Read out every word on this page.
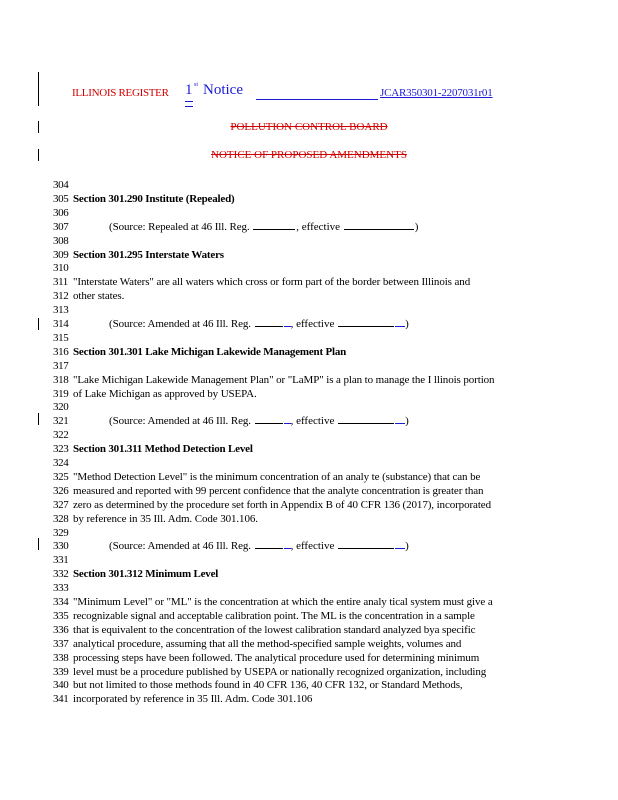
ILLINOIS REGISTER 1 st Notice	JCAR350301-2207031r01
POLLUTION CONTROL BOARD
NOTICE OF PROPOSED AMENDMENTS
304
305 Section 301.290 Institute (Repealed)
306
307	(Source: Repealed at 46 Ill. Reg.	, effective	)
308
309 Section 301.295 Interstate Waters
310
311 "Interstate Waters" are all waters which cross or form part of the border between Illinois and
312 other states.
313
314	(Source: Amended at 46 Ill. Reg.	, effective	)
315
316 Section 301.301 Lake Michigan Lakewide Management Plan
317
318 "Lake Michigan Lakewide Management Plan" or "LaMP" is a plan to manage the I llinois portion
319 of Lake Michigan as approved by USEPA.
320
321	(Source: Amended at 46 Ill. Reg.	, effective	)
322
323 Section 301.311 Method Detection Level
324
325 "Method Detection Level" is the minimum concentration of an analy te (substance) that can be
326 measured and reported with 99 percent confidence that the analyte concentration is greater than
327 zero as determined by the procedure set forth in Appendix B of 40 CFR 136 (2017), incorporated
328 by reference in 35 Ill. Adm. Code 301.106.
329
330	(Source: Amended at 46 Ill. Reg.	, effective	)
331
332 Section 301.312 Minimum Level
333
334 "Minimum Level" or "ML" is the concentration at which the entire analy tical system must give a
335 recognizable signal and acceptable calibration point. The ML is the concentration in a sample
336 that is equivalent to the concentration of the lowest calibration standard analyzed bya specific
337 analytical procedure, assuming that all the method-specified sample weights, volumes and
338 processing steps have been followed. The analytical procedure used for determining minimum
339 level must be a procedure published by USEPA or nationally recognized organization, including
340 but not limited to those methods found in 40 CFR 136, 40 CFR 132, or Standard Methods,
341 incorporated by reference in 35 Ill. Adm. Code 301.106
